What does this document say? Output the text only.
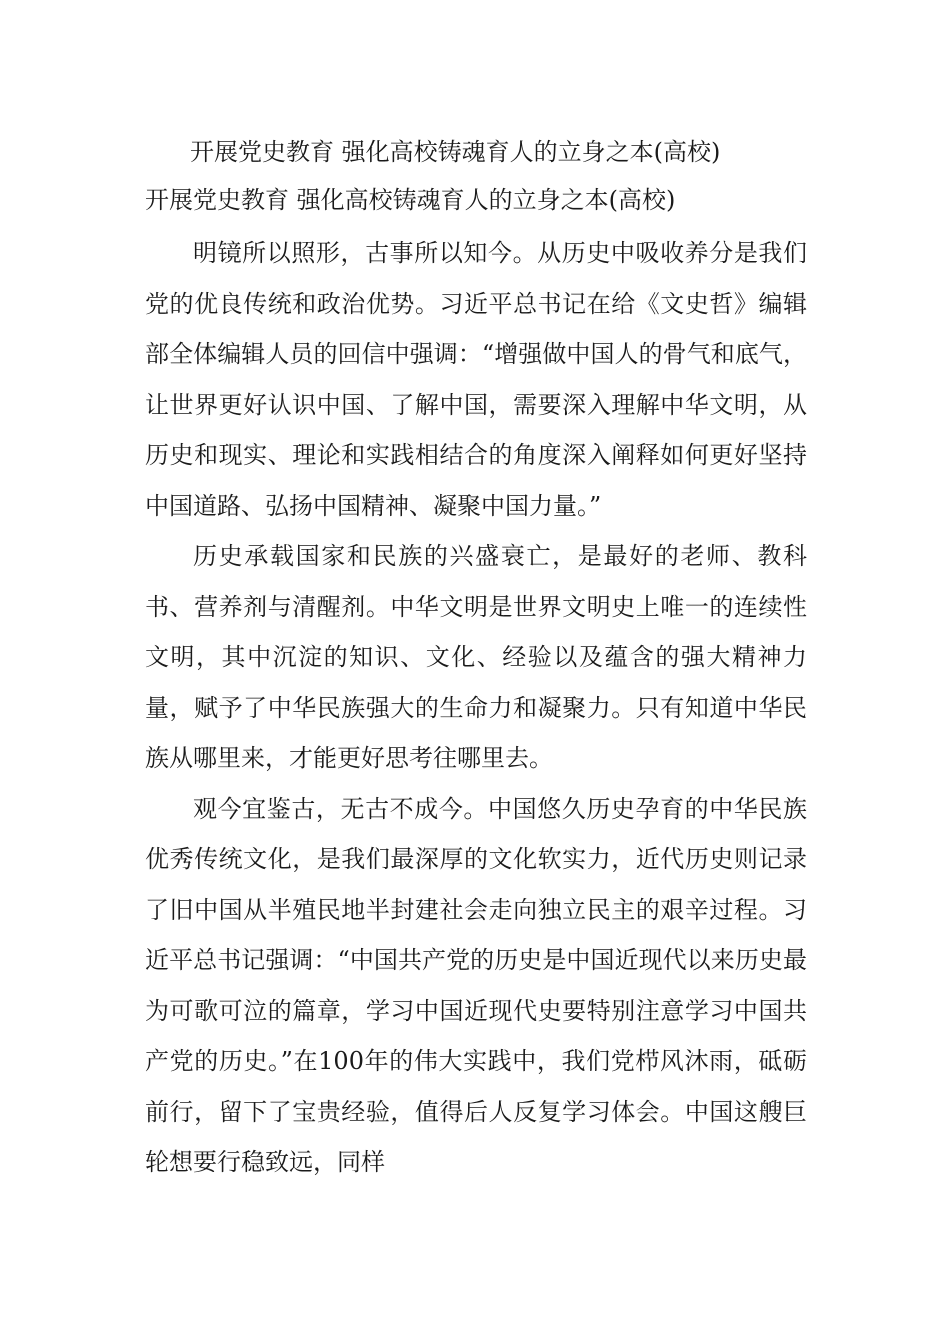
开展党史教育 强化高校铸魂育人的立身之本(高校)
开展党史教育 强化高校铸魂育人的立身之本(高校)

明镜所以照形，古事所以知今。从历史中吸收养分是我们党的优良传统和政治优势。习近平总书记在给《文史哲》编辑部全体编辑人员的回信中强调：“增强做中国人的骨气和底气，让世界更好认识中国、了解中国，需要深入理解中华文明，从历史和现实、理论和实践相结合的角度深入阐释如何更好坚持中国道路、弘扬中国精神、凝聚中国力量。”

历史承载国家和民族的兴盛衰亡，是最好的老师、教科书、营养剂与清醒剂。中华文明是世界文明史上唯一的连续性文明，其中沉淀的知识、文化、经验以及蕴含的强大精神力量，赋予了中华民族强大的生命力和凝聚力。只有知道中华民族从哪里来，才能更好思考往哪里去。

观今宜鉴古，无古不成今。中国悠久历史孕育的中华民族优秀传统文化，是我们最深厚的文化软实力，近代历史则记录了旧中国从半殖民地半封建社会走向独立民主的艰辛过程。习近平总书记强调：“中国共产党的历史是中国近现代以来历史最为可歌可泣的篇章，学习中国近现代史要特别注意学习中国共产党的历史。”在100年的伟大实践中，我们党栉风沐雨，砥砺前行，留下了宝贵经验，值得后人反复学习体会。中国这艘巨轮想要行稳致远，同样
